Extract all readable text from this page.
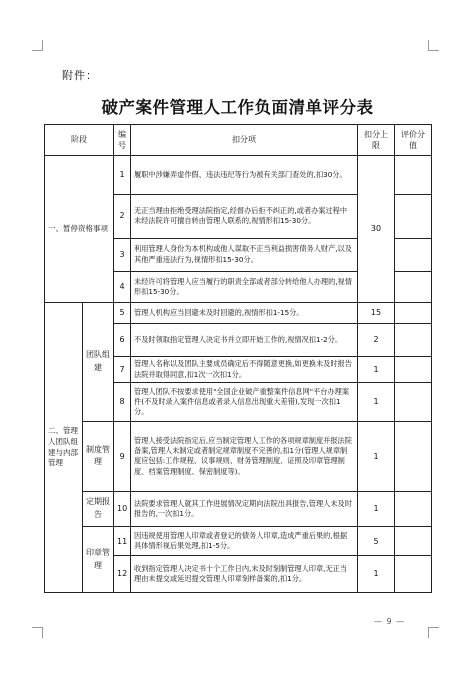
附件：
破产案件管理人工作负面清单评分表
阶段		编号	扣分项	扣分上限	评价分值
一、暂停资格事项		1	履职中涉嫌弄虚作假、违法违纪等行为被有关部门查处的,扣30分。	30	
		2	无正当理由拒绝受理法院指定,经督办后拒不纠正的,或者办案过程中未经法院许可擅自转由管理人联系的,视情形扣15-30分。		
		3	利用管理人身份为本机构或他人谋取不正当利益损害债务人财产,以及其他严重违法行为,视情形扣15-30分。		
		4	未经许可将管理人应当履行的职责全部或者部分转给他人办理的,视情形扣15-30分。		
二、管理人团队组建与内部管理	团队组建	5	管理人机构应当回避未及时回避的,视情形扣1-15分。	15	
		6	不及时领取指定管理人决定书并立即开始工作的,视情况扣1-2分。	2	
		7	管理人名称以及团队主要成员确定后不得随意更换,如更换未及时报告法院并取得同意,扣1次一次扣1分。	1	
		8	管理人团队不按要求使用"全国企业破产重整案件信息网"平台办理案件(不及时录入案件信息或者录入信息出现重大差错),发现一次扣1分。	1	
	制度管理	9	管理人接受法院指定后,应当制定管理人工作的各项规章制度并报法院备案,管理人未制定或者制定规章制度不完善的,扣1分(管理人规章制度应包括:工作规程、议事规则、财务管理制度、证照及印章管理制度、档案管理制度、保密制度等)。	1	
	定期报告	10	法院要求管理人就其工作进展情况定期向法院出具报告,管理人未及时报告的,一次扣1分。	1	
	印章管理	11	因违规使用管理人印章或者登记的债务人印章,造成严重后果的,根据具体情形视后果处理,扣1-5分。	5	
		12	收到指定管理人决定书十个工作日内,未及时刻制管理人印章,无正当理由未提交或延迟提交管理人印章刻样备案的,扣1分。	1	
— 9 —
